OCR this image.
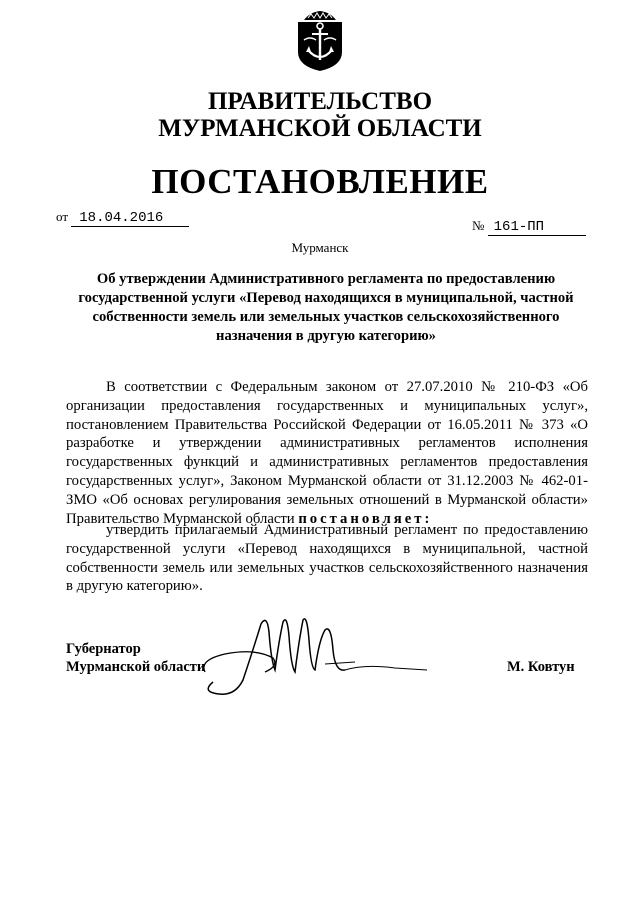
ПРАВИТЕЛЬСТВО
МУРМАНСКОЙ ОБЛАСТИ
ПОСТАНОВЛЕНИЕ
от 18.04.2016	№ 161-ПП
Мурманск
Об утверждении Административного регламента по предоставлению государственной услуги «Перевод находящихся в муниципальной, частной собственности земель или земельных участков сельскохозяйственного назначения в другую категорию»
В соответствии с Федеральным законом от 27.07.2010 № 210-ФЗ «Об организации предоставления государственных и муниципальных услуг», постановлением Правительства Российской Федерации от 16.05.2011 № 373 «О разработке и утверждении административных регламентов исполнения государственных функций и административных регламентов предоставления государственных услуг», Законом Мурманской области от 31.12.2003 № 462-01-ЗМО «Об основах регулирования земельных отношений в Мурманской области» Правительство Мурманской области постановляет:
утвердить прилагаемый Административный регламент по предоставлению государственной услуги «Перевод находящихся в муниципальной, частной собственности земель или земельных участков сельскохозяйственного назначения в другую категорию».
Губернатор
Мурманской области	М. Ковтун
